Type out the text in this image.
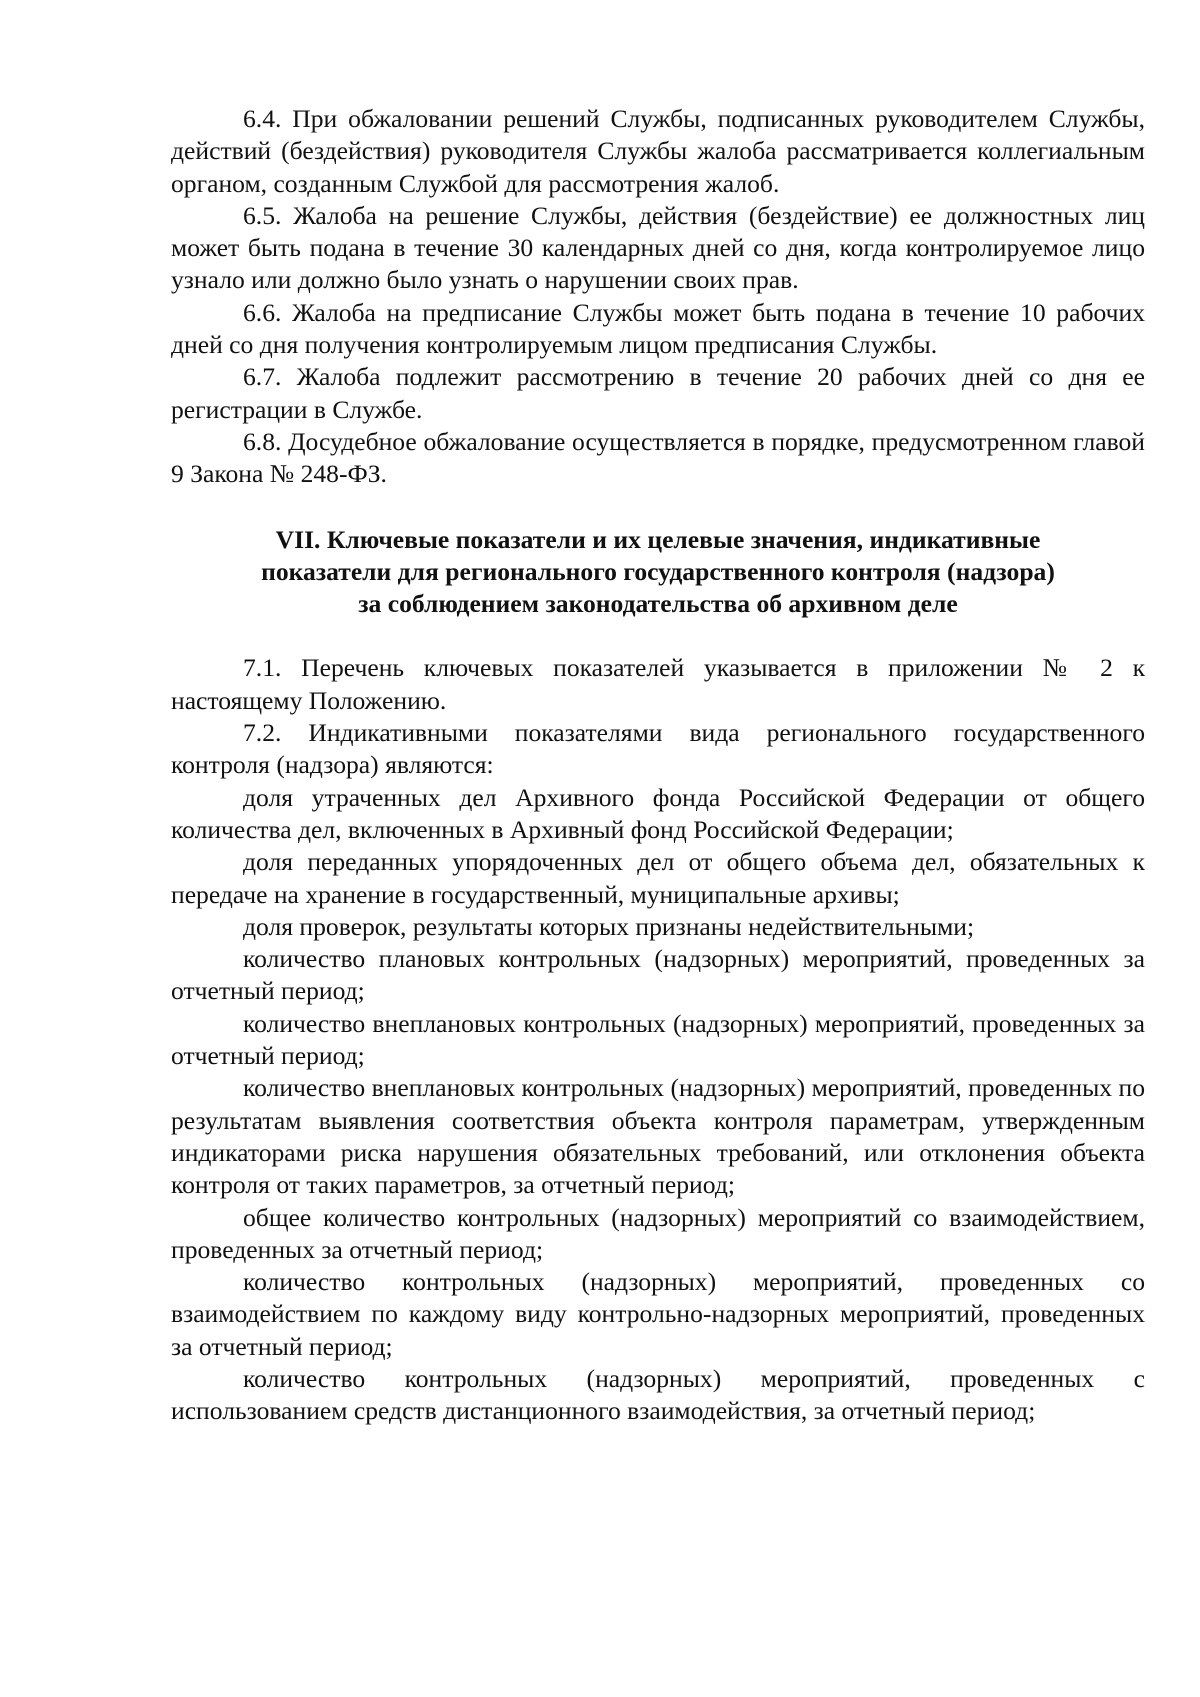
6.4. При обжаловании решений Службы, подписанных руководителем Службы, действий (бездействия) руководителя Службы жалоба рассматривается коллегиальным органом, созданным Службой для рассмотрения жалоб.

6.5. Жалоба на решение Службы, действия (бездействие) ее должностных лиц может быть подана в течение 30 календарных дней со дня, когда контролируемое лицо узнало или должно было узнать о нарушении своих прав.

6.6. Жалоба на предписание Службы может быть подана в течение 10 рабочих дней со дня получения контролируемым лицом предписания Службы.

6.7. Жалоба подлежит рассмотрению в течение 20 рабочих дней со дня ее регистрации в Службе.

6.8. Досудебное обжалование осуществляется в порядке, предусмотренном главой 9 Закона № 248-ФЗ.

VII. Ключевые показатели и их целевые значения, индикативные
показатели для регионального государственного контроля (надзора)
за соблюдением законодательства об архивном деле

7.1. Перечень ключевых показателей указывается в приложении № 2 к настоящему Положению.

7.2. Индикативными показателями вида регионального государственного контроля (надзора) являются:

доля утраченных дел Архивного фонда Российской Федерации от общего количества дел, включенных в Архивный фонд Российской Федерации;

доля переданных упорядоченных дел от общего объема дел, обязательных к передаче на хранение в государственный, муниципальные архивы;

доля проверок, результаты которых признаны недействительными;

количество плановых контрольных (надзорных) мероприятий, проведенных за отчетный период;

количество внеплановых контрольных (надзорных) мероприятий, проведенных за отчетный период;

количество внеплановых контрольных (надзорных) мероприятий, проведенных по результатам выявления соответствия объекта контроля параметрам, утвержденным индикаторами риска нарушения обязательных требований, или отклонения объекта контроля от таких параметров, за отчетный период;

общее количество контрольных (надзорных) мероприятий со взаимодействием, проведенных за отчетный период;

количество контрольных (надзорных) мероприятий, проведенных со взаимодействием по каждому виду контрольно-надзорных мероприятий, проведенных за отчетный период;

количество контрольных (надзорных) мероприятий, проведенных с использованием средств дистанционного взаимодействия, за отчетный период;
